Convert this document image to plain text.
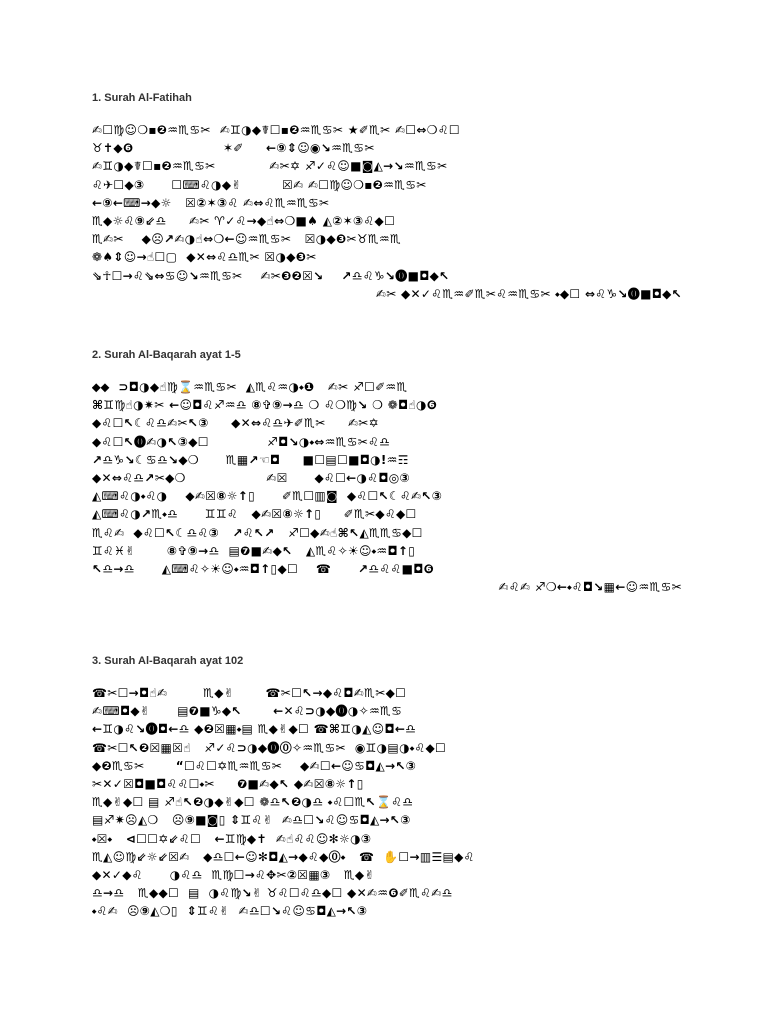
1. Surah Al-Fatihah
✍☐♍☺❍▪❷♒♏♋✂  ✍♊◑◆☤☐▪❷♒♏♋✂ ★✐♏✂ ✍☐⇔❍♌☐
♉✝◆❻                    ✶✐     ←⑨⇕☺◉↘♒♏♋✂
✍♊◑◆☤☐▪❷♒♏♋✂            ✍✂✡ ♐✓♌☺■◙◭→↘♒♏♋✂
♌✈☐◆③      ☐⌨♌◑◆✌         ☒✍ ✍☐♍☺❍▪❷♒♏♋✂
←⑨←⌨→◆☼   ☒②✶③♌ ✍⇔♌♏♒♏♋✂
♏◆☼♌⑨⇙♎     ✍✂ ♈✓♌→◆☝⇔❍■♠ ◭②✶③♌◆☐
♏✍✂    ◆☹↗✍◑☝⇔❍←☺♒♏♋✂   ☒◑◆❸✂♉♏♒♏
❁♠⇕☺→☝☐▢  ◆✕⇔♌♎♏✂ ☒◑◆❸✂
⇘☥☐→♌⇘⇔♋☺↘♒♏♋✂    ✍✂❸❷☒↘    ↗♎♌♑↘⓿■◘◆↖
✍✂ ◆✕✓♌♏♒✐♏✂♌♒♏♋✂ ⬩◆☐ ⇔♌♑↘⓿■◘◆↖
2. Surah Al-Baqarah ayat 1-5
⬥⬥  ⊃◘◑◆☝♍⌛♒♏♋✂  ◭♏♌♒◑⬩❶   ✍✂ ♐☐✐♒♏
⌘♊♍☝◑✷✂ ←☺◘♌♐♒♎ ⑧✞⑨→♎ ❍ ♌❍♍↘ ❍ ❁◘☝◑❻
◆♌☐↖☾♌♎✍✂↖③     ◆✕⇔♌♎✈✐♏✂     ✍✂✡
◆♌☐↖⓿✍◑↖③◆☐             ♐◘↘◑⬩⇔♒♏♋✂♌♎
↗♎♑↘☾♋♎↘◆❍      ♏▦↗☜◘     ■☐▤☐■◘◑!♒☶
◆✕⇔♌♎↗✂◆❍                  ✍☒      ◆♌☐←◑♌◘◎③
◭⌨♌◑⬩♌◑    ◆✍☒⑧☼↑▯      ✐♏☐▥◙  ◆♌☐↖☾♌✍↖③
◭⌨♌◑↗♏⬩♎      ♊♊♌   ◆✍☒⑧☼↑▯     ✐♏✂◆♌◆☐
♏♌✍  ◆♌☐↖☾♎♌③   ↗♌↖↗   ♐☐◆✍☝⌘↖◭♏♏♋◆☐
♊♌♓✌       ⑧✞⑨→♎  ▤❼■✍◆↖   ◭♏♌✧☀☺⬩♒◘↑▯
↖♎→♎      ◭⌨♌✧☀☺⬩♒◘↑▯◆☐    ☎      ↗♎♌♌■◘❻
✍♌✍ ♐❍←⬩♌◘↘▦←☺♒♏♋✂
3. Surah Al-Baqarah ayat 102
☎✂☐→◘☝✍        ♏◆✌       ☎✂☐↖→◆♌◘✍♏✂◆☐
✍⌨◘◆✌      ▤❼■♑◆↖       ←✕♌⊃◑◆⓿◑✧♒♏♋
←♊◑♌↘⓿◘←♎ ◆❷☒▦⬩▤ ♏◆✌◆☐ ☎⌘♊◑◭☺◘←♎
☎✂☐↖❷☒▦☒☝   ♐✓♌⊃◑◆⓿⓪✧♒♏♋✂  ◉♊◑▤◑⬩♌◆☐
◆❷♏♋✂       “☐♌☐✡♏♒♏♋✂    ◆✍☐←☺♋◘◭→↖③
✂✕✓☒◘■◘♌♌☐⬩✂     ❼■✍◆↖ ◆✍☒⑧☼↑▯
♏◆✌◆☐ ▤ ♐☝↖❷◑◆✌◆☐ ❁♎↖❷◑♎ ⬩♌☐♏↖⌛♌♎
▤♐✷☹◭❍   ☹⑨■◙▯ ⇕♊♌✌  ✍♎☐↘♌☺♋◘◭→↖③
⬩☒⬩   ⊲☐☐✡⇙♌☐   ←♊♍◆✝  ✍☝♌♌☺✻☼◑③
♏◭☺♍⇙☼⇙☒✍   ◆♎☐←☺✻◘◭→◆♌◆⓪⬩   ☎  ✋☐→▥☰▤◆♌
◆✕✓◆♌      ◑♌♎  ♏♍☐→♌✥✂②☒▦③   ♏◆✌
♎→♎   ♏◆◆☐  ▤  ◑♌♍↘✌ ♉♌☐♌♎◆☐ ◆✕✍♒❻✐♏♌✍♎
⬩♌✍  ☹⑨◭❍▯  ⇕♊♌✌  ✍♎☐↘♌☺♋◘◭→↖③
